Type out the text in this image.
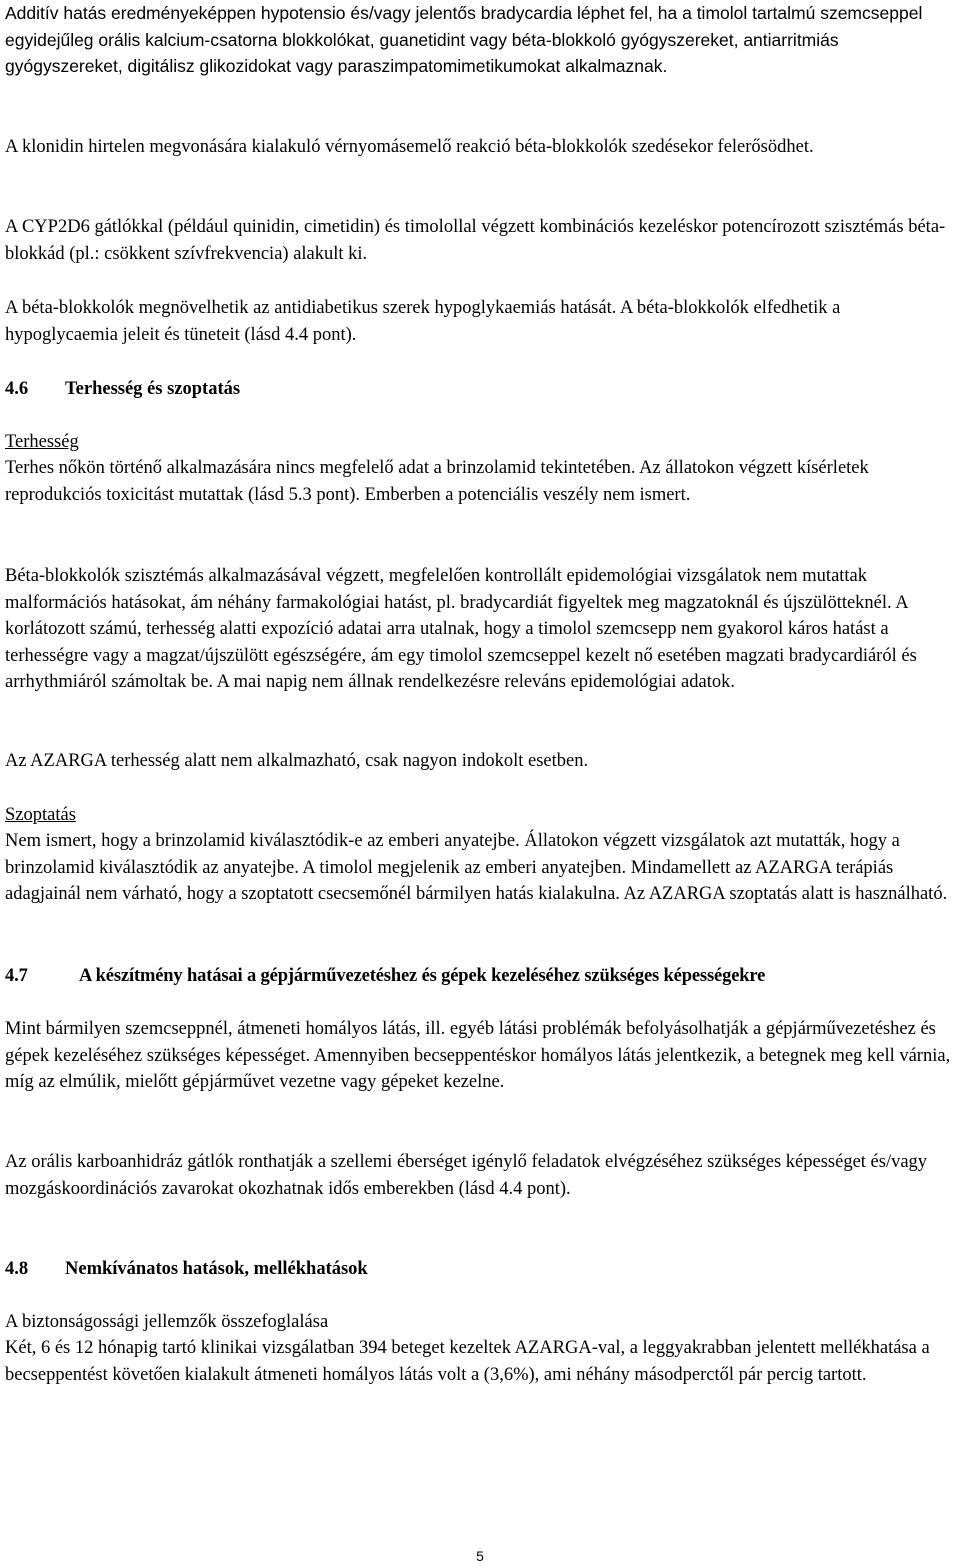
Additív hatás eredményeképpen hypotensio és/vagy jelentős bradycardia léphet fel, ha a timolol tartalmú szemcseppel egyidejűleg orális kalcium-csatorna blokkolókat, guanetidint vagy béta-blokkoló gyógyszereket, antiarritmiás gyógyszereket, digitálisz glikozidokat vagy paraszimpatomimetikumokat alkalmaznak.

A klonidin hirtelen megvonására kialakuló vérnyomásemelő reakció béta-blokkolók szedésekor felerősödhet.

A CYP2D6 gátlókkal (például quinidin, cimetidin) és timolollal végzett kombinációs kezeléskor potencírozott szisztémás béta-blokkád (pl.: csökkent szívfrekvencia) alakult ki.

A béta-blokkolók megnövelhetik az antidiabetikus szerek hypoglykaemiás hatását. A béta-blokkolók elfedhetik a hypoglycaemia jeleit és tüneteit (lásd 4.4 pont).

4.6 Terhesség és szoptatás
Terhesség

Terhes nőkön történő alkalmazására nincs megfelelő adat a brinzolamid tekintetében. Az állatokon végzett kísérletek reprodukciós toxicitást mutattak (lásd 5.3 pont). Emberben a potenciális veszély nem ismert.

Béta-blokkolók szisztémás alkalmazásával végzett, megfelelően kontrollált epidemológiai vizsgálatok nem mutattak malformációs hatásokat, ám néhány farmakológiai hatást, pl. bradycardiát figyeltek meg magzatoknál és újszülötteknél. A korlátozott számú, terhesség alatti expozíció adatai arra utalnak, hogy a timolol szemcsepp nem gyakorol káros hatást a terhességre vagy a magzat/újszülött egészségére, ám egy timolol szemcseppel kezelt nő esetében magzati bradycardiáról és arrhythmiáról számoltak be. A mai napig nem állnak rendelkezésre releváns epidemológiai adatok.

Az AZARGA terhesség alatt nem alkalmazható, csak nagyon indokolt esetben.

Szoptatás

Nem ismert, hogy a brinzolamid kiválasztódik-e az emberi anyatejbe. Állatokon végzett vizsgálatok azt mutatták, hogy a brinzolamid kiválasztódik az anyatejbe. A timolol megjelenik az emberi anyatejben. Mindamellett az AZARGA terápiás adagjainál nem várható, hogy a szoptatott csecsemőnél bármilyen hatás kialakulna. Az AZARGA szoptatás alatt is használható.

4.7	A készítmény hatásai a gépjárművezetéshez és gépek kezeléséhez szükséges képességekre

Mint bármilyen szemcseppnél, átmeneti homályos látás, ill. egyéb látási problémák befolyásolhatják a gépjárművezetéshez és gépek kezeléséhez szükséges képességet. Amennyiben becseppentéskor homályos látás jelentkezik, a betegnek meg kell várnia, míg az elmúlik, mielőtt gépjárművet vezetne vagy gépeket kezelne.

Az orális karboanhidráz gátlók ronthatják a szellemi éberséget igénylő feladatok elvégzéséhez szükséges képességet és/vagy mozgáskoordinációs zavarokat okozhatnak idős emberekben (lásd 4.4 pont).

4.8 Nemkívánatos hatások, mellékhatások
A biztonságossági jellemzők összefoglalása

Két, 6 és 12 hónapig tartó klinikai vizsgálatban 394 beteget kezeltek AZARGA-val, a leggyakrabban jelentett mellékhatása a becseppentést követően kialakult átmeneti homályos látás volt a (3,6%), ami néhány másodperctől pár percig tartott.

5
